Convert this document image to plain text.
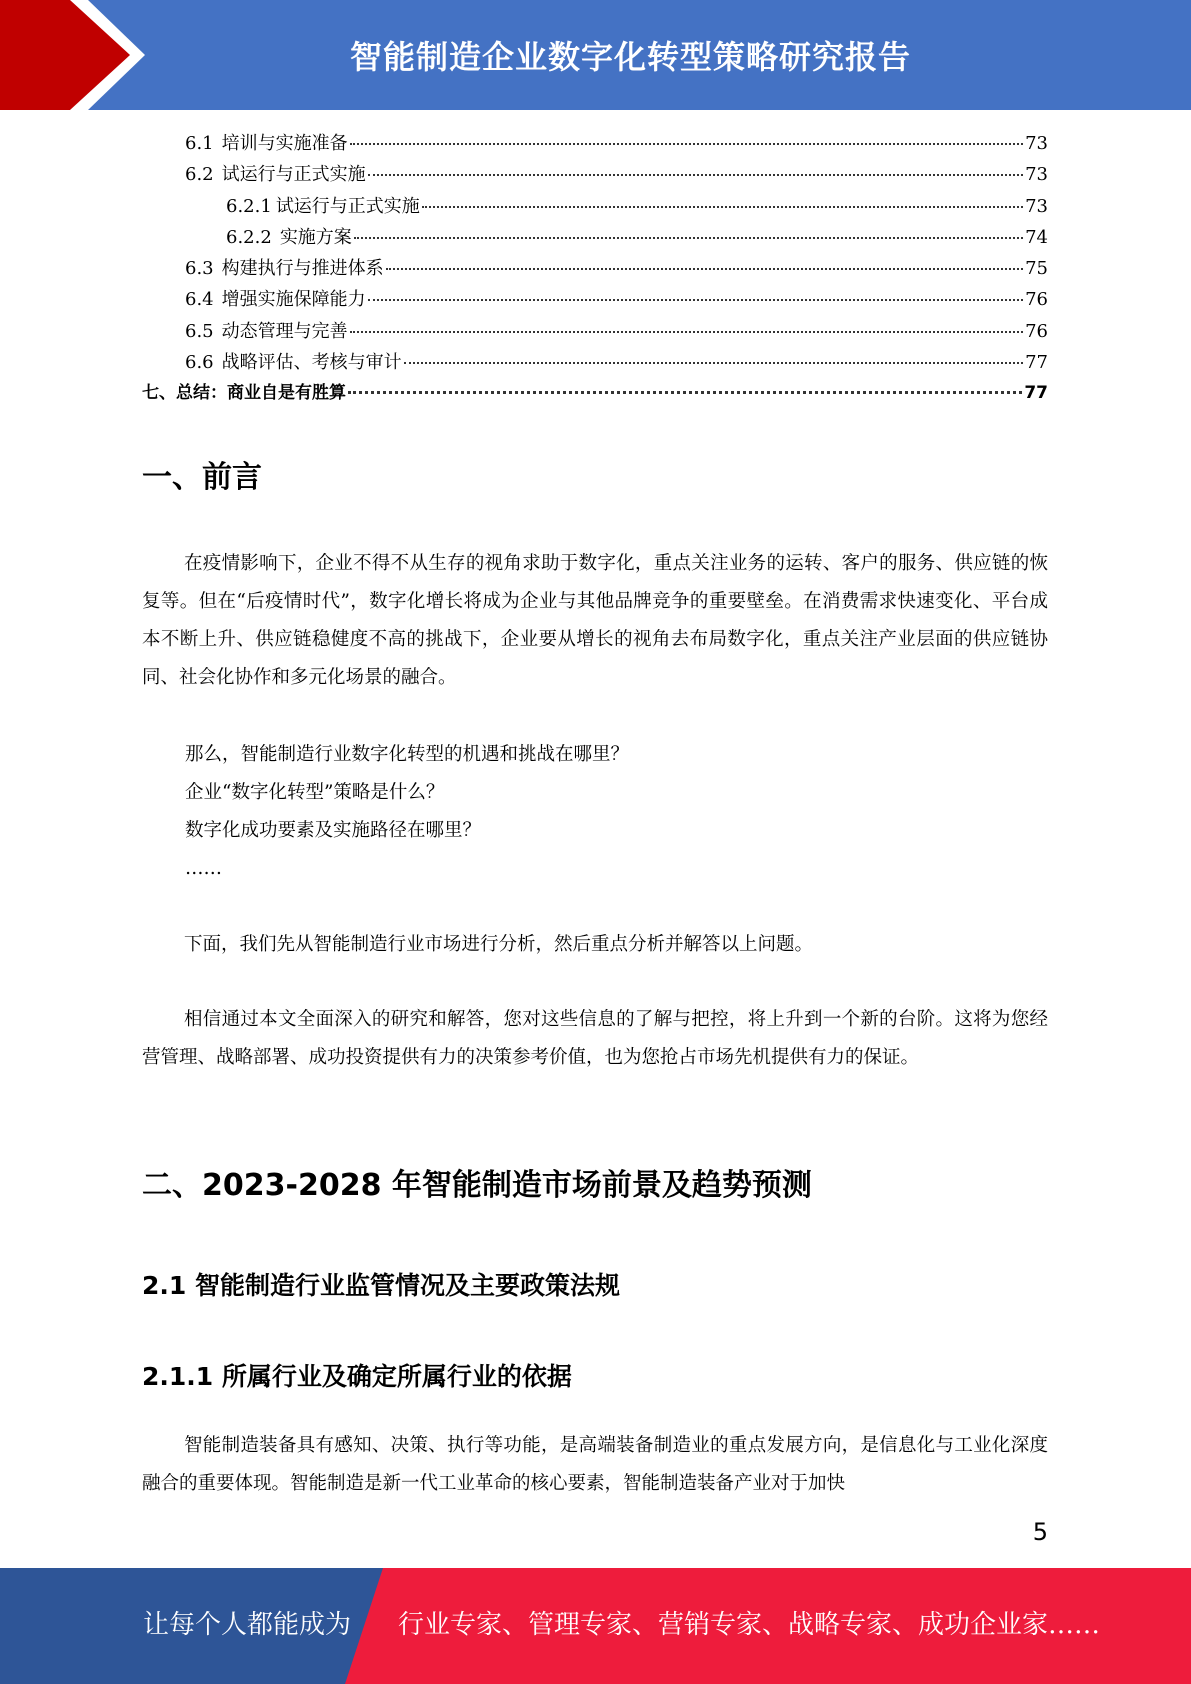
智能制造企业数字化转型策略研究报告
6.1 培训与实施准备	73
6.2 试运行与正式实施	73
6.2.1 试运行与正式实施	73
6.2.2 实施方案	74
6.3 构建执行与推进体系	75
6.4 增强实施保障能力	76
6.5 动态管理与完善	76
6.6 战略评估、考核与审计	77
七、总结：商业自是有胜算	77
一、前言

在疫情影响下，企业不得不从生存的视角求助于数字化，重点关注业务的运转、客户的服务、供应链的恢复等。但在“后疫情时代”，数字化增长将成为企业与其他品牌竞争的重要壁垒。在消费需求快速变化、平台成本不断上升、供应链稳健度不高的挑战下，企业要从增长的视角去布局数字化，重点关注产业层面的供应链协同、社会化协作和多元化场景的融合。

那么，智能制造行业数字化转型的机遇和挑战在哪里？
企业“数字化转型”策略是什么？
数字化成功要素及实施路径在哪里？
……

下面，我们先从智能制造行业市场进行分析，然后重点分析并解答以上问题。

相信通过本文全面深入的研究和解答，您对这些信息的了解与把控，将上升到一个新的台阶。这将为您经营管理、战略部署、成功投资提供有力的决策参考价值，也为您抢占市场先机提供有力的保证。

二、2023-2028 年智能制造市场前景及趋势预测
2.1 智能制造行业监管情况及主要政策法规
2.1.1 所属行业及确定所属行业的依据

智能制造装备具有感知、决策、执行等功能，是高端装备制造业的重点发展方向，是信息化与工业化深度融合的重要体现。智能制造是新一代工业革命的核心要素，智能制造装备产业对于加快

5
让每个人都能成为 行业专家、管理专家、营销专家、战略专家、成功企业家……
